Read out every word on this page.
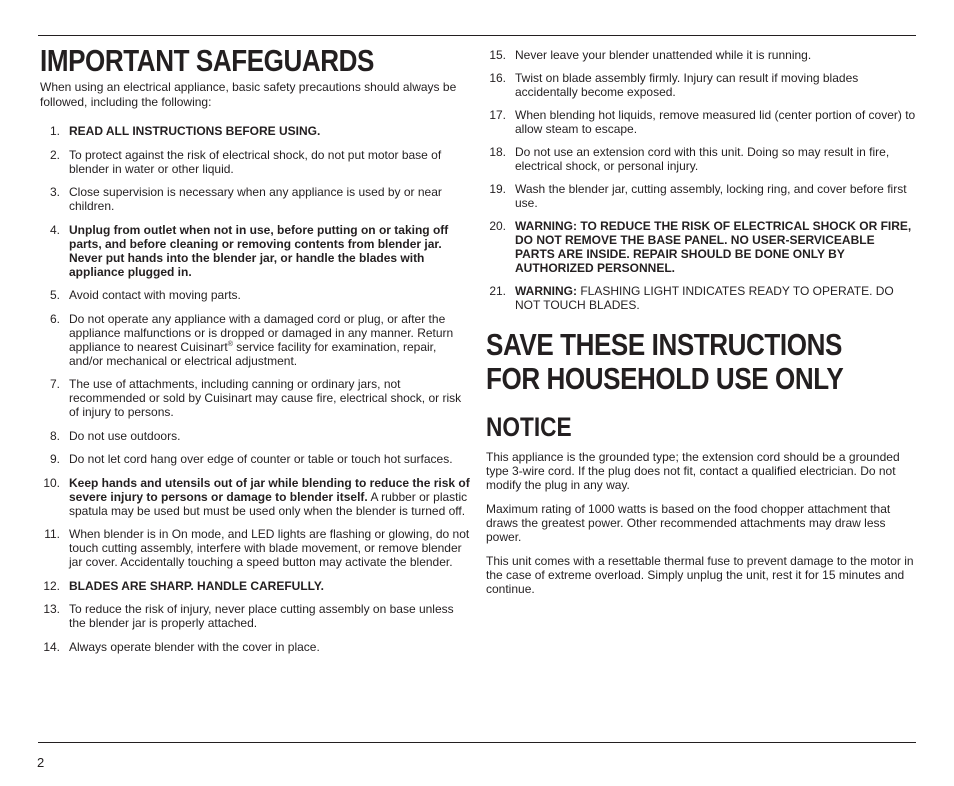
IMPORTANT SAFEGUARDS

When using an electrical appliance, basic safety precautions should always be followed, including the following:

1. READ ALL INSTRUCTIONS BEFORE USING.
2. To protect against the risk of electrical shock, do not put motor base of blender in water or other liquid.
3. Close supervision is necessary when any appliance is used by or near children.
4. Unplug from outlet when not in use, before putting on or taking off parts, and before cleaning or removing contents from blender jar. Never put hands into the blender jar, or handle the blades with appliance plugged in.
5. Avoid contact with moving parts.
6. Do not operate any appliance with a damaged cord or plug, or after the appliance malfunctions or is dropped or damaged in any manner. Return appliance to nearest Cuisinart® service facility for examination, repair, and/or mechanical or electrical adjustment.
7. The use of attachments, including canning or ordinary jars, not recommended or sold by Cuisinart may cause fire, electrical shock, or risk of injury to persons.
8. Do not use outdoors.
9. Do not let cord hang over edge of counter or table or touch hot surfaces.
10. Keep hands and utensils out of jar while blending to reduce the risk of severe injury to persons or damage to blender itself. A rubber or plastic spatula may be used but must be used only when the blender is turned off.
11. When blender is in On mode, and LED lights are flashing or glowing, do not touch cutting assembly, interfere with blade movement, or remove blender jar cover. Accidentally touching a speed button may activate the blender.
12. BLADES ARE SHARP. HANDLE CAREFULLY.
13. To reduce the risk of injury, never place cutting assembly on base unless the blender jar is properly attached.
14. Always operate blender with the cover in place.
15. Never leave your blender unattended while it is running.
16. Twist on blade assembly firmly. Injury can result if moving blades accidentally become exposed.
17. When blending hot liquids, remove measured lid (center portion of cover) to allow steam to escape.
18. Do not use an extension cord with this unit. Doing so may result in fire, electrical shock, or personal injury.
19. Wash the blender jar, cutting assembly, locking ring, and cover before first use.
20. WARNING: TO REDUCE THE RISK OF ELECTRICAL SHOCK OR FIRE, DO NOT REMOVE THE BASE PANEL. NO USER-SERVICEABLE PARTS ARE INSIDE. REPAIR SHOULD BE DONE ONLY BY AUTHORIZED PERSONNEL.
21. WARNING: FLASHING LIGHT INDICATES READY TO OPERATE. DO NOT TOUCH BLADES.
SAVE THESE INSTRUCTIONS
FOR HOUSEHOLD USE ONLY
NOTICE

This appliance is the grounded type; the extension cord should be a grounded type 3-wire cord. If the plug does not fit, contact a qualified electrician. Do not modify the plug in any way.

Maximum rating of 1000 watts is based on the food chopper attachment that draws the greatest power. Other recommended attachments may draw less power.

This unit comes with a resettable thermal fuse to prevent damage to the motor in the case of extreme overload. Simply unplug the unit, rest it for 15 minutes and continue.

2
